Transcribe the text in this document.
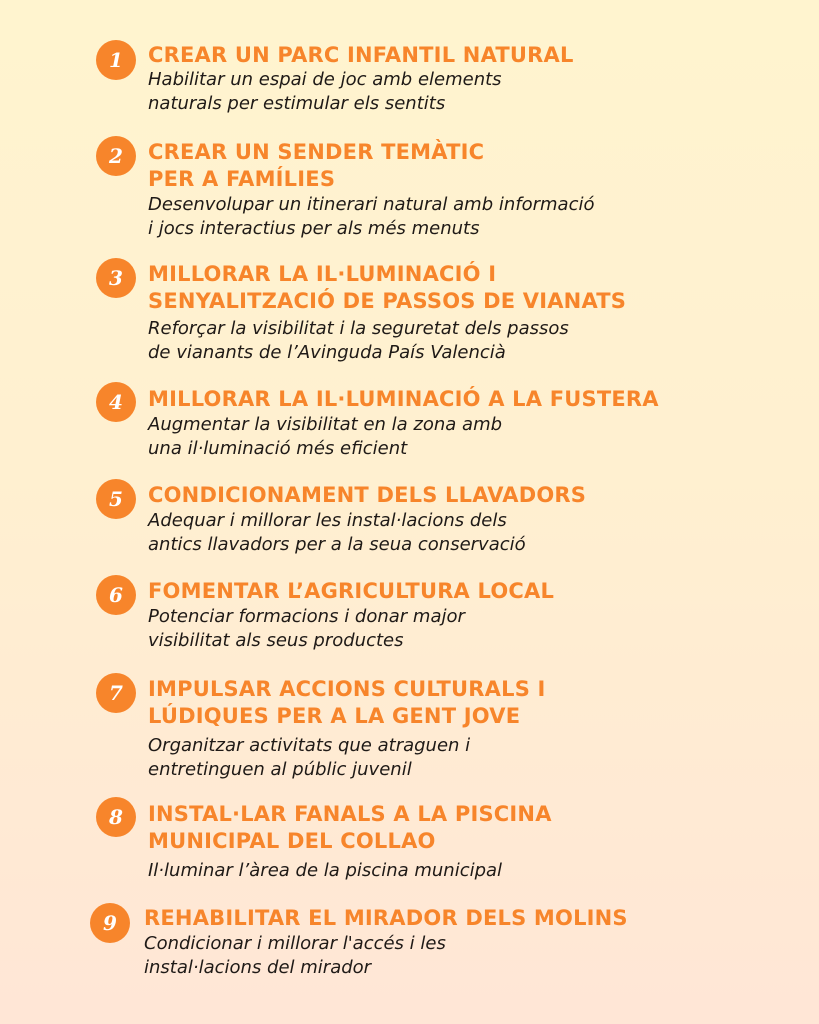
1	CREAR UN PARC INFANTIL NATURAL
Habilitar un espai de joc amb elements
naturals per estimular els sentits
2	CREAR UN SENDER TEMÀTIC
PER A FAMÍLIES
Desenvolupar un itinerari natural amb informació
i jocs interactius per als més menuts
3	MILLORAR LA IL·LUMINACIÓ I
SENYALITZACIÓ DE PASSOS DE VIANATS
Reforçar la visibilitat i la seguretat dels passos
de vianants de l’Avinguda País Valencià
4	MILLORAR LA IL·LUMINACIÓ A LA FUSTERA
Augmentar la visibilitat en la zona amb
una il·luminació més eficient
5	CONDICIONAMENT DELS LLAVADORS
Adequar i millorar les instal·lacions dels
antics llavadors per a la seua conservació
6	FOMENTAR L’AGRICULTURA LOCAL
Potenciar formacions i donar major
visibilitat als seus productes
7	IMPULSAR ACCIONS CULTURALS I
LÚDIQUES PER A LA GENT JOVE
Organitzar activitats que atraguen i
entretinguen al públic juvenil
8	INSTAL·LAR FANALS A LA PISCINA
MUNICIPAL DEL COLLAO
Il·luminar l’àrea de la piscina municipal
9	REHABILITAR EL MIRADOR DELS MOLINS
Condicionar i millorar l'accés i les
instal·lacions del mirador
